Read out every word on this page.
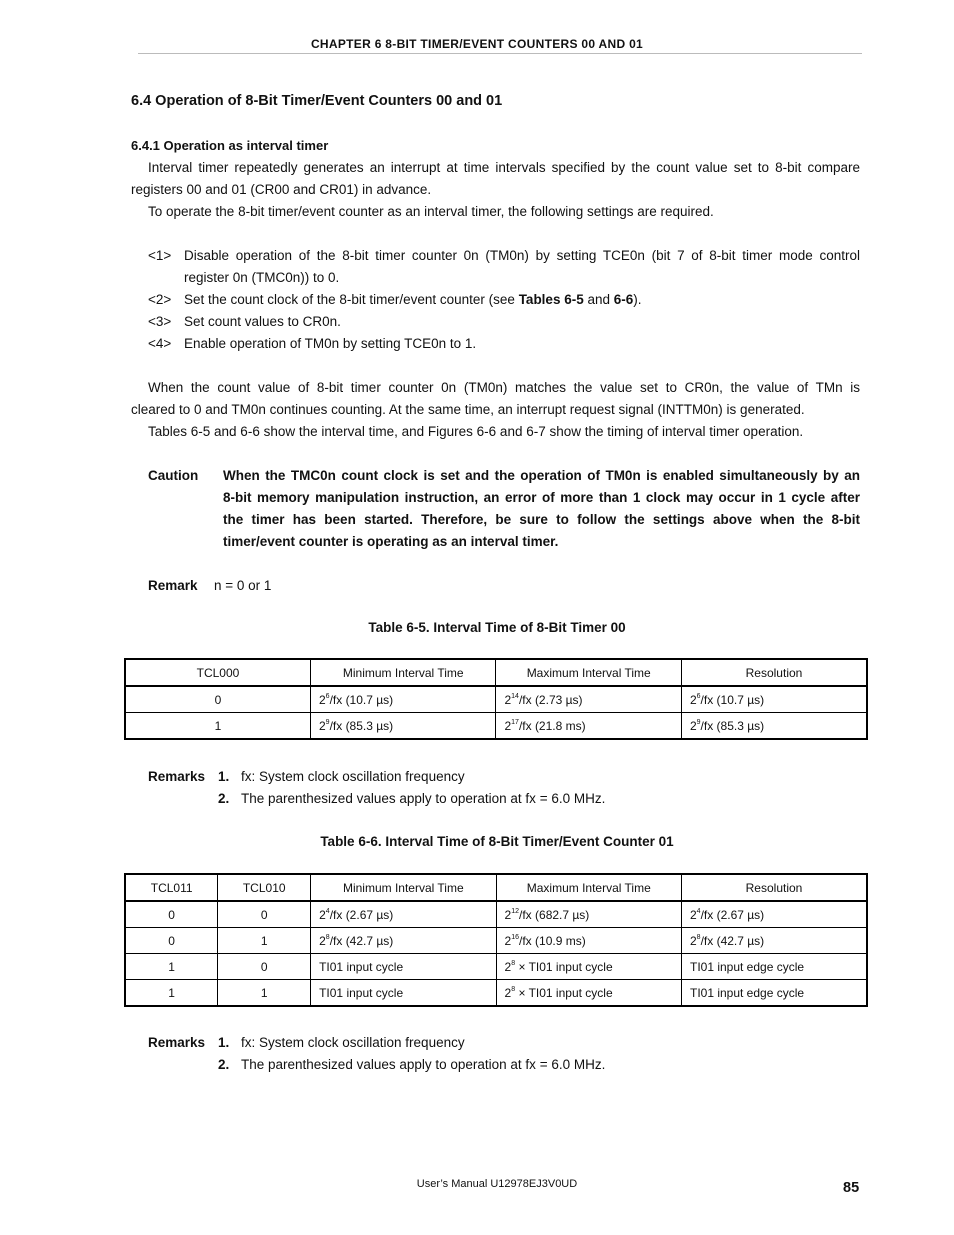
CHAPTER 6 8-BIT TIMER/EVENT COUNTERS 00 AND 01
6.4 Operation of 8-Bit Timer/Event Counters 00 and 01
6.4.1 Operation as interval timer
Interval timer repeatedly generates an interrupt at time intervals specified by the count value set to 8-bit compare
registers 00 and 01 (CR00 and CR01) in advance.
To operate the 8-bit timer/event counter as an interval timer, the following settings are required.
<1> Disable operation of the 8-bit timer counter 0n (TM0n) by setting TCE0n (bit 7 of 8-bit timer mode control
register 0n (TMC0n)) to 0.
<2> Set the count clock of the 8-bit timer/event counter (see Tables 6-5 and 6-6).
<3> Set count values to CR0n.
<4> Enable operation of TM0n by setting TCE0n to 1.
When the count value of 8-bit timer counter 0n (TM0n) matches the value set to CR0n, the value of TMn is
cleared to 0 and TM0n continues counting. At the same time, an interrupt request signal (INTTM0n) is generated.
Tables 6-5 and 6-6 show the interval time, and Figures 6-6 and 6-7 show the timing of interval timer operation.
Caution When the TMC0n count clock is set and the operation of TM0n is enabled simultaneously by an
8-bit memory manipulation instruction, an error of more than 1 clock may occur in 1 cycle after
the timer has been started. Therefore, be sure to follow the settings above when the 8-bit
timer/event counter is operating as an interval timer.
Remark n = 0 or 1
Table 6-5. Interval Time of 8-Bit Timer 00
TCL000	Minimum Interval Time	Maximum Interval Time	Resolution
0	$2^6/fx$ (10.7 µs)	$2^{14}/fx$ (2.73 µs)	$2^6/fx$ (10.7 µs)
1	$2^9/fx$ (85.3 µs)	$2^{17}/fx$ (21.8 ms)	$2^9/fx$ (85.3 µs)
Remarks 1. fx: System clock oscillation frequency
2. The parenthesized values apply to operation at fx = 6.0 MHz.
Table 6-6. Interval Time of 8-Bit Timer/Event Counter 01
TCL011	TCL010	Minimum Interval Time	Maximum Interval Time	Resolution
0	0	$2^4/fx$ (2.67 µs)	$2^{12}/fx$ (682.7 µs)	$2^4/fx$ (2.67 µs)
0	1	$2^8/fx$ (42.7 µs)	$2^{16}/fx$ (10.9 ms)	$2^8/fx$ (42.7 µs)
1	0	TI01 input cycle	$2^8 \times TI01$ input cycle	TI01 input edge cycle
1	1	TI01 input cycle	$2^8 \times TI01$ input cycle	TI01 input edge cycle
Remarks 1. fx: System clock oscillation frequency
2. The parenthesized values apply to operation at fx = 6.0 MHz.
User’s Manual U12978EJ3V0UD	85
